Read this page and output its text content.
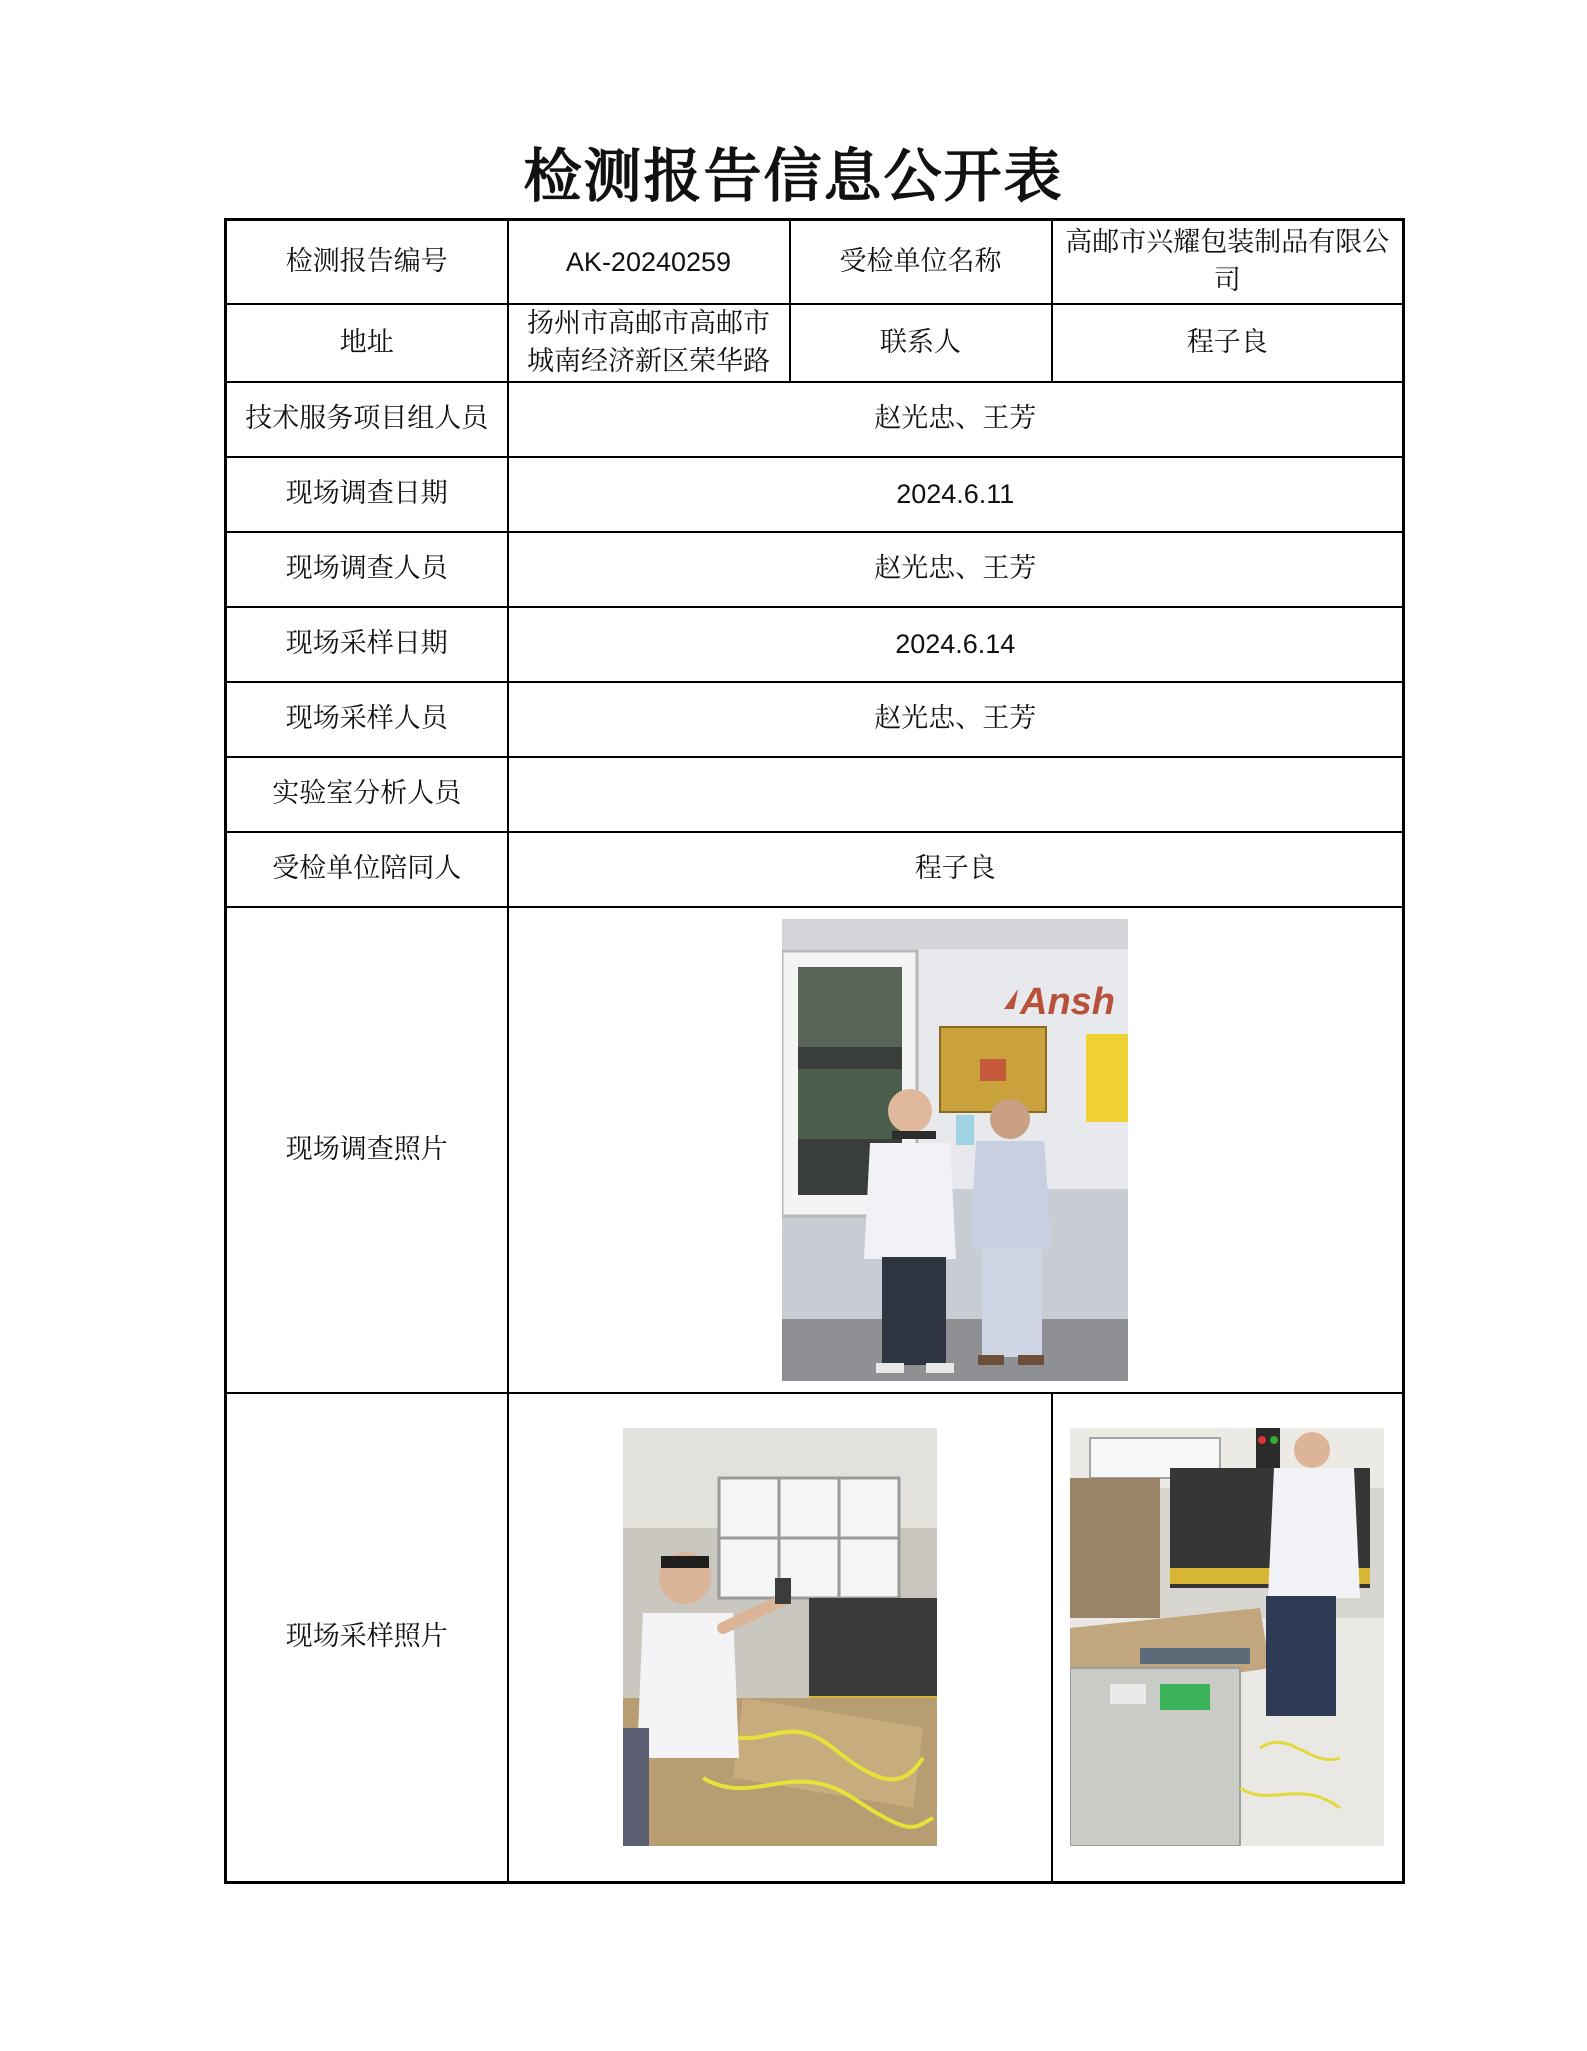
检测报告信息公开表
检测报告编号	AK-20240259	受检单位名称	高邮市兴耀包装制品有限公司
地址	扬州市高邮市高邮市城南经济新区荣华路	联系人	程子良
技术服务项目组人员	赵光忠、王芳		
现场调查日期	2024.6.11		
现场调查人员	赵光忠、王芳		
现场采样日期	2024.6.14		
现场采样人员	赵光忠、王芳		
实验室分析人员			
受检单位陪同人	程子良		
现场调查照片	Ansh		

现场采样照片	
